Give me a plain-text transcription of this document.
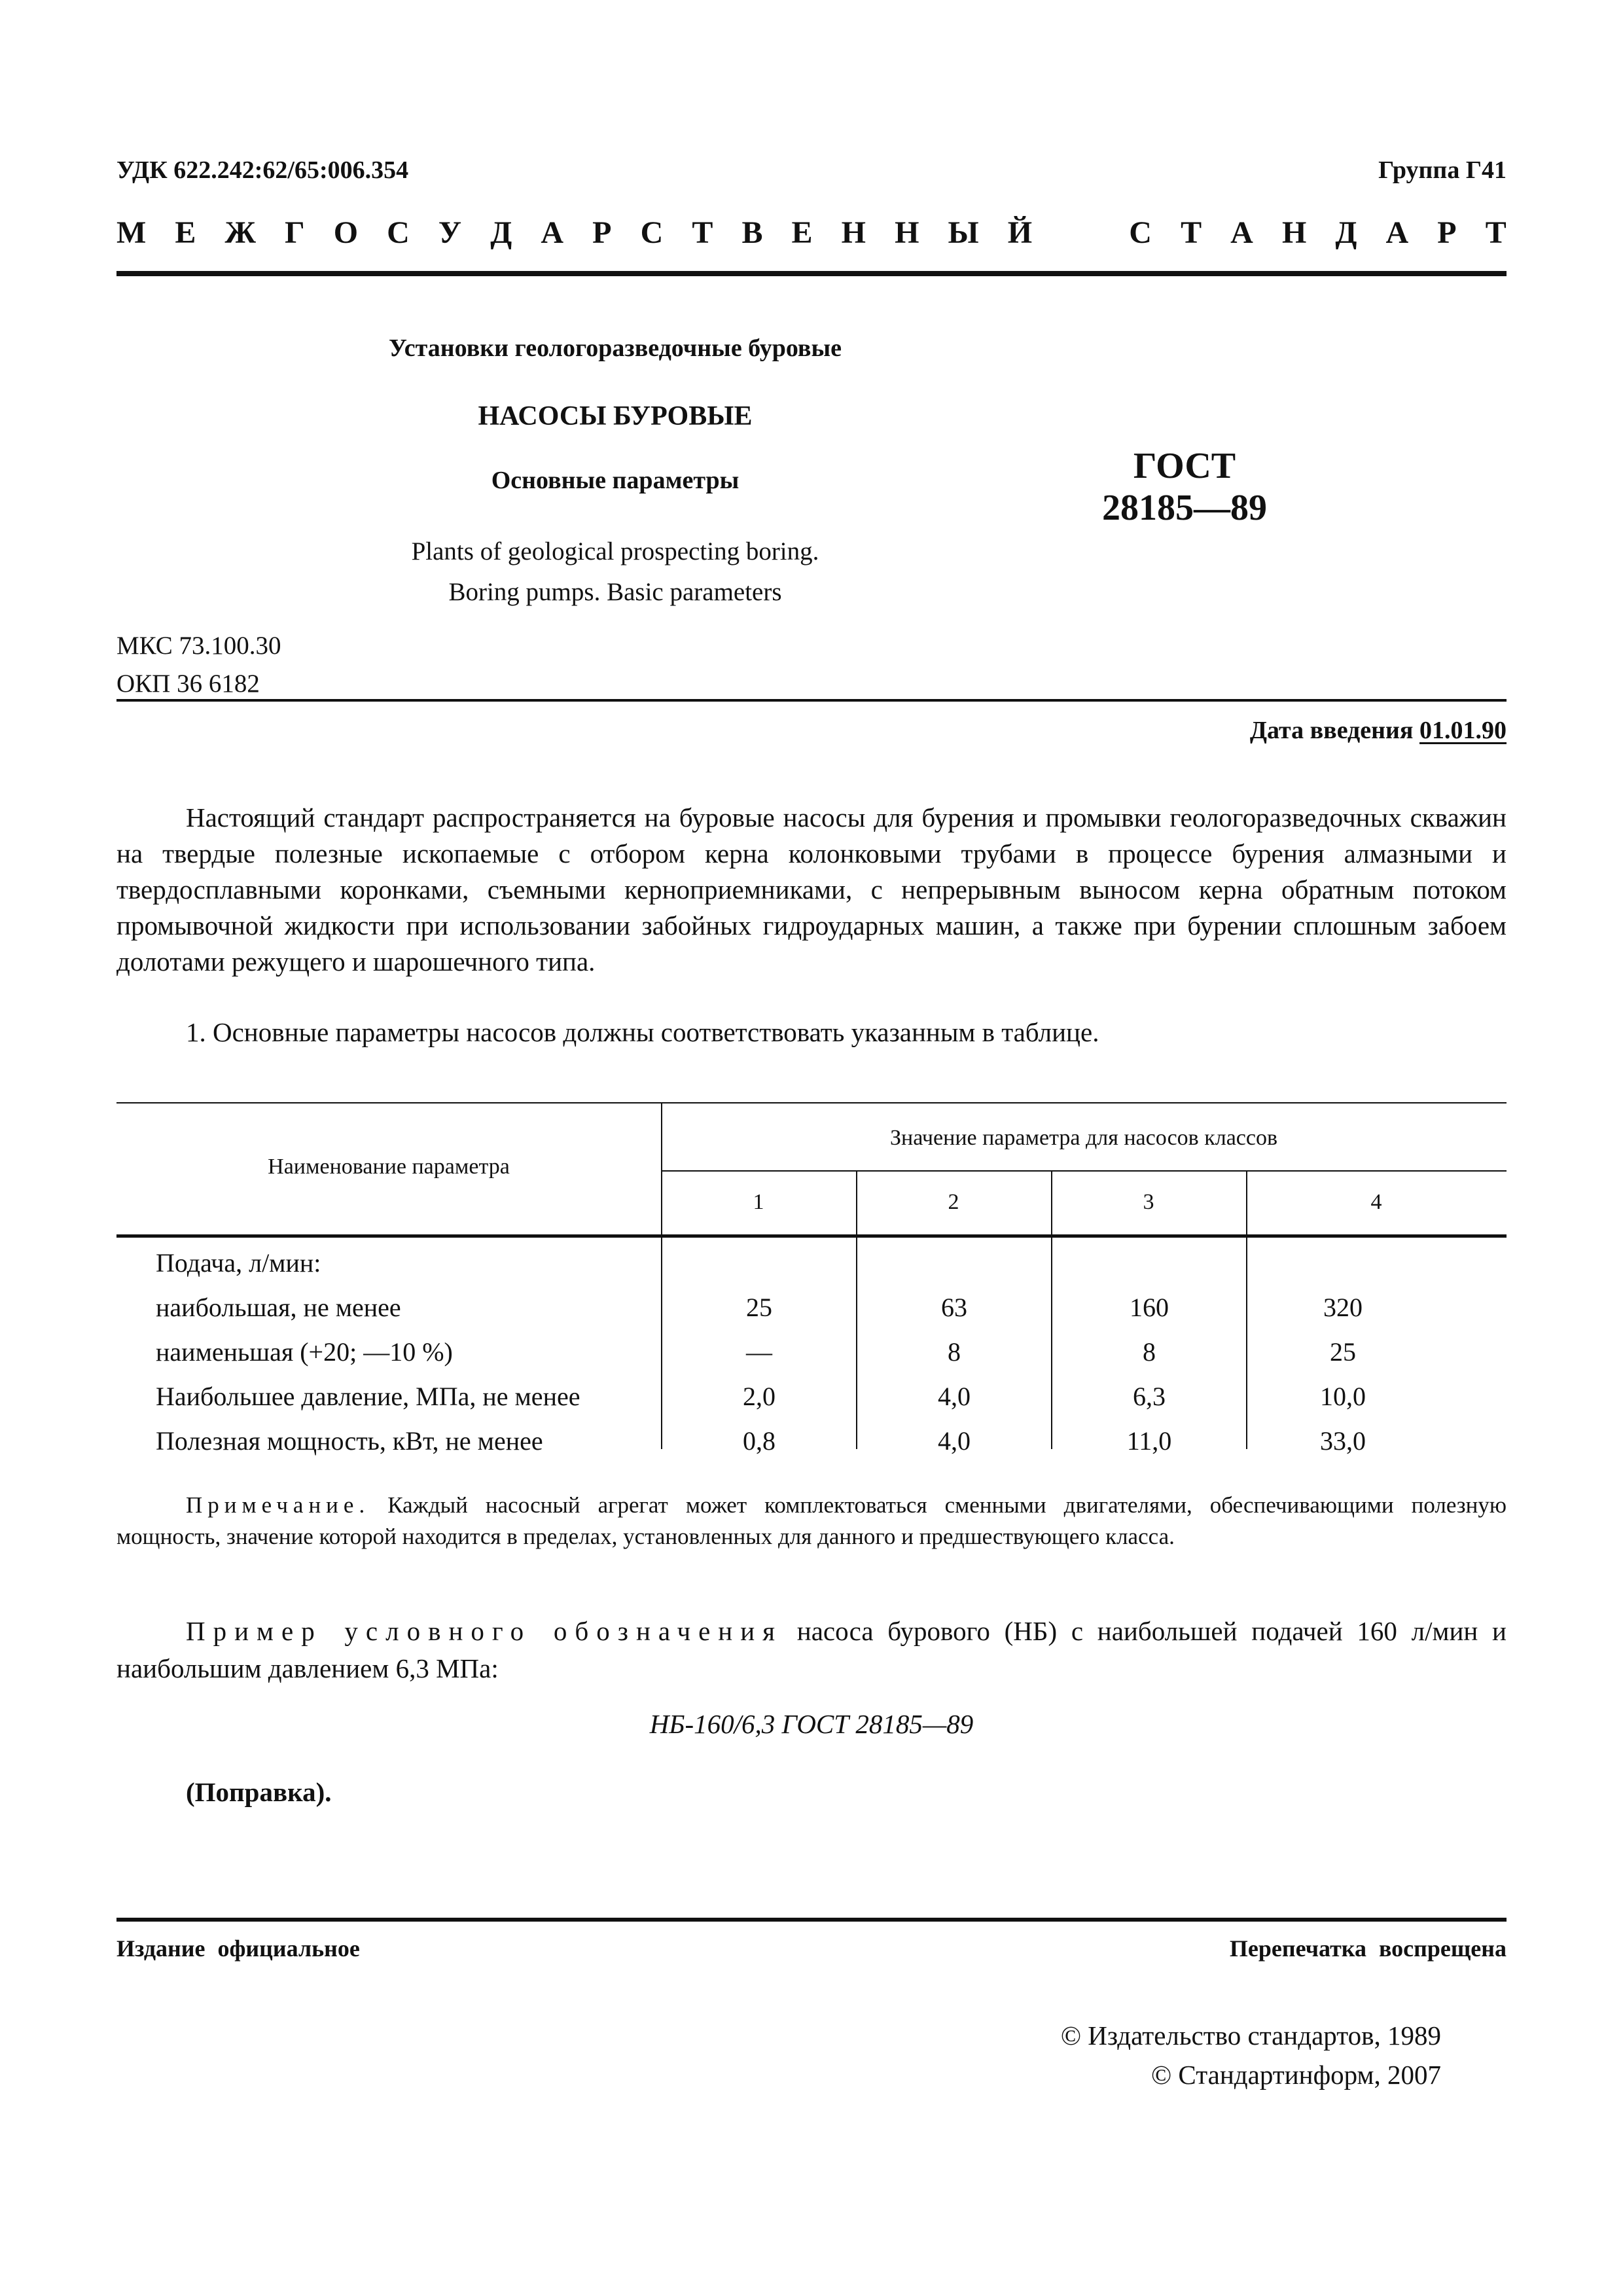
УДК 622.242:62/65:006.354	Группа Г41
М Е Ж Г О С У Д А Р С Т В Е Н Н Ы Й	С Т А Н Д А Р Т
Установки геологоразведочные буровые
НАСОСЫ БУРОВЫЕ
Основные параметры
Plants of geological prospecting boring.
Boring pumps. Basic parameters
ГОСТ
28185—89
МКС 73.100.30
ОКП 36 6182
Дата введения 01.01.90
Настоящий стандарт распространяется на буровые насосы для бурения и промывки геологоразведочных скважин на твердые полезные ископаемые с отбором керна колонковыми трубами в процессе бурения алмазными и твердосплавными коронками, съемными керноприемниками, с непрерывным выносом керна обратным потоком промывочной жидкости при использовании забойных гидроударных машин, а также при бурении сплошным забоем долотами режущего и шарошечного типа.
1. Основные параметры насосов должны соответствовать указанным в таблице.
Наименование параметра
Значение параметра для насосов классов
1	2	3	4
Подача, л/мин:
наибольшая, не менее	25	63	160	320
наименьшая (+20; —10 %)	—	8	8	25
Наибольшее давление, МПа, не менее	2,0	4,0	6,3	10,0
Полезная мощность, кВт, не менее	0,8	4,0	11,0	33,0
Примечание. Каждый насосный агрегат может комплектоваться сменными двигателями, обеспечивающими полезную мощность, значение которой находится в пределах, установленных для данного и предшествующего класса.
Пример условного обозначения насоса бурового (НБ) с наибольшей подачей 160 л/мин и наибольшим давлением 6,3 МПа:
НБ-160/6,3 ГОСТ 28185—89
(Поправка).
Издание официальное	Перепечатка воспрещена
© Издательство стандартов, 1989
© Стандартинформ, 2007
